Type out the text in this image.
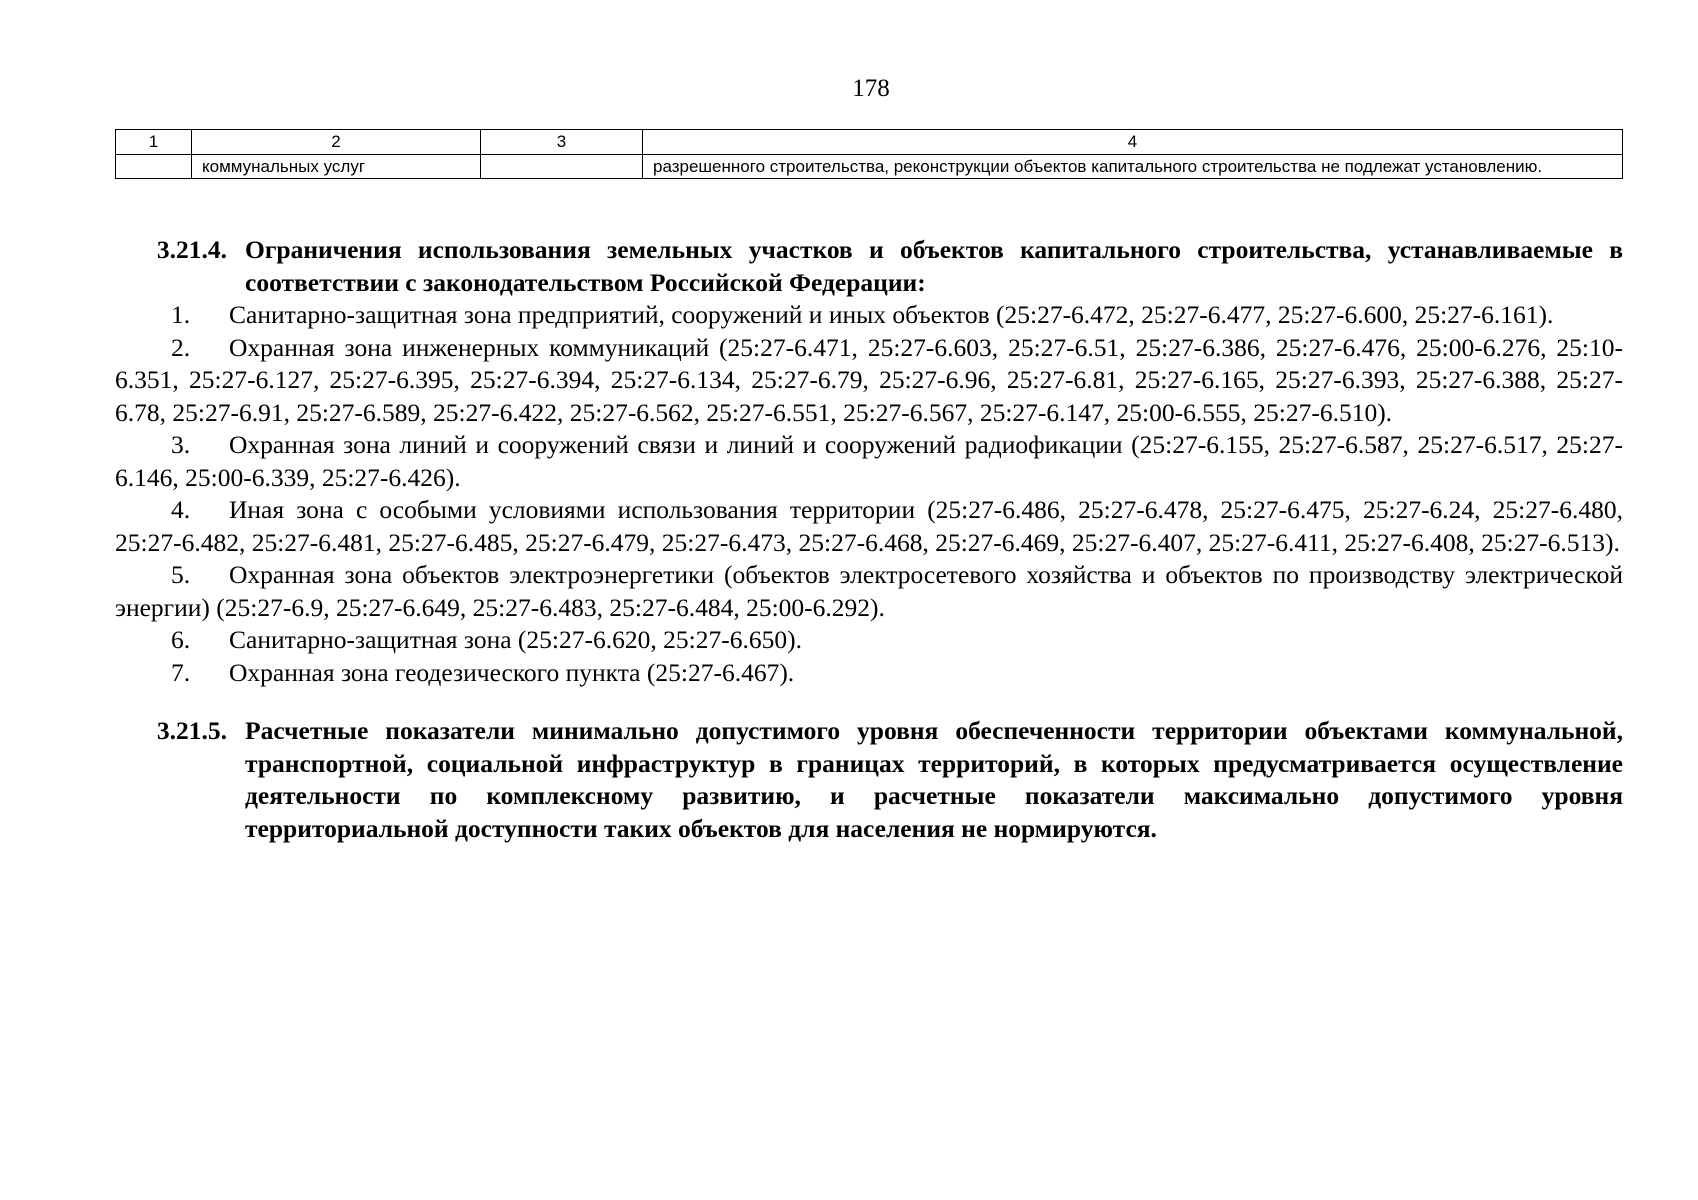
178
1	2	3	4
	коммунальных услуг		разрешенного строительства, реконструкции объектов капитального строительства не подлежат установлению.
3.21.4. Ограничения использования земельных участков и объектов капитального строительства, устанавливаемые в соответствии с законодательством Российской Федерации:
1. Санитарно-защитная зона предприятий, сооружений и иных объектов (25:27-6.472, 25:27-6.477, 25:27-6.600, 25:27-6.161).
2. Охранная зона инженерных коммуникаций (25:27-6.471, 25:27-6.603, 25:27-6.51, 25:27-6.386, 25:27-6.476, 25:00-6.276, 25:10-6.351, 25:27-6.127, 25:27-6.395, 25:27-6.394, 25:27-6.134, 25:27-6.79, 25:27-6.96, 25:27-6.81, 25:27-6.165, 25:27-6.393, 25:27-6.388, 25:27-6.78, 25:27-6.91, 25:27-6.589, 25:27-6.422, 25:27-6.562, 25:27-6.551, 25:27-6.567, 25:27-6.147, 25:00-6.555, 25:27-6.510).
3. Охранная зона линий и сооружений связи и линий и сооружений радиофикации (25:27-6.155, 25:27-6.587, 25:27-6.517, 25:27-6.146, 25:00-6.339, 25:27-6.426).
4. Иная зона с особыми условиями использования территории (25:27-6.486, 25:27-6.478, 25:27-6.475, 25:27-6.24, 25:27-6.480, 25:27-6.482, 25:27-6.481, 25:27-6.485, 25:27-6.479, 25:27-6.473, 25:27-6.468, 25:27-6.469, 25:27-6.407, 25:27-6.411, 25:27-6.408, 25:27-6.513).
5. Охранная зона объектов электроэнергетики (объектов электросетевого хозяйства и объектов по производству электрической энергии) (25:27-6.9, 25:27-6.649, 25:27-6.483, 25:27-6.484, 25:00-6.292).
6. Санитарно-защитная зона (25:27-6.620, 25:27-6.650).
7. Охранная зона геодезического пункта (25:27-6.467).
3.21.5. Расчетные показатели минимально допустимого уровня обеспеченности территории объектами коммунальной, транспортной, социальной инфраструктур в границах территорий, в которых предусматривается осуществление деятельности по комплексному развитию, и расчетные показатели максимально допустимого уровня территориальной доступности таких объектов для населения не нормируются.
